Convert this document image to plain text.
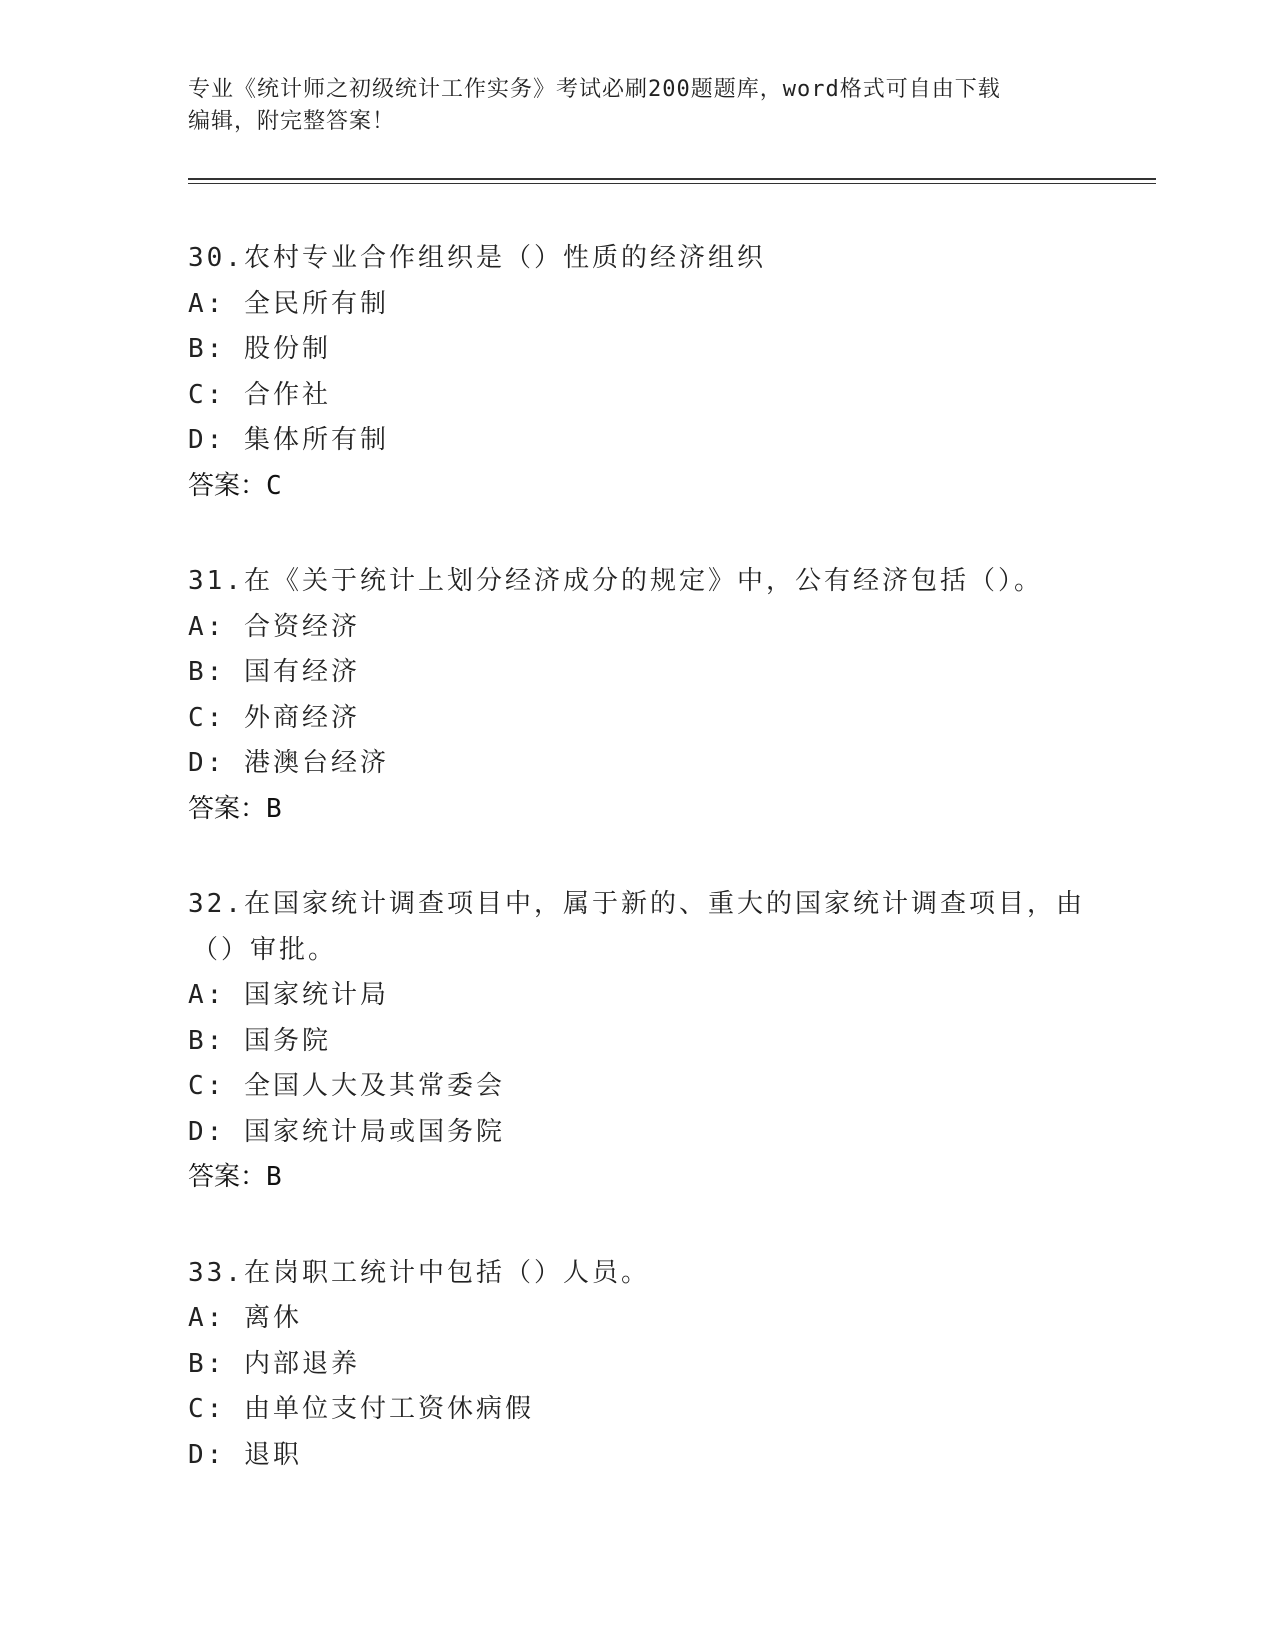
专业《统计师之初级统计工作实务》考试必刷200题题库，word格式可自由下载
编辑，附完整答案！
30.农村专业合作组织是（）性质的经济组织
A: 全民所有制
B: 股份制
C: 合作社
D: 集体所有制
答案：C
31.在《关于统计上划分经济成分的规定》中，公有经济包括（）。
A: 合资经济
B: 国有经济
C: 外商经济
D: 港澳台经济
答案：B
32.在国家统计调查项目中，属于新的、重大的国家统计调查项目，由
（）审批。
A: 国家统计局
B: 国务院
C: 全国人大及其常委会
D: 国家统计局或国务院
答案：B
33.在岗职工统计中包括（）人员。
A: 离休
B: 内部退养
C: 由单位支付工资休病假
D: 退职
